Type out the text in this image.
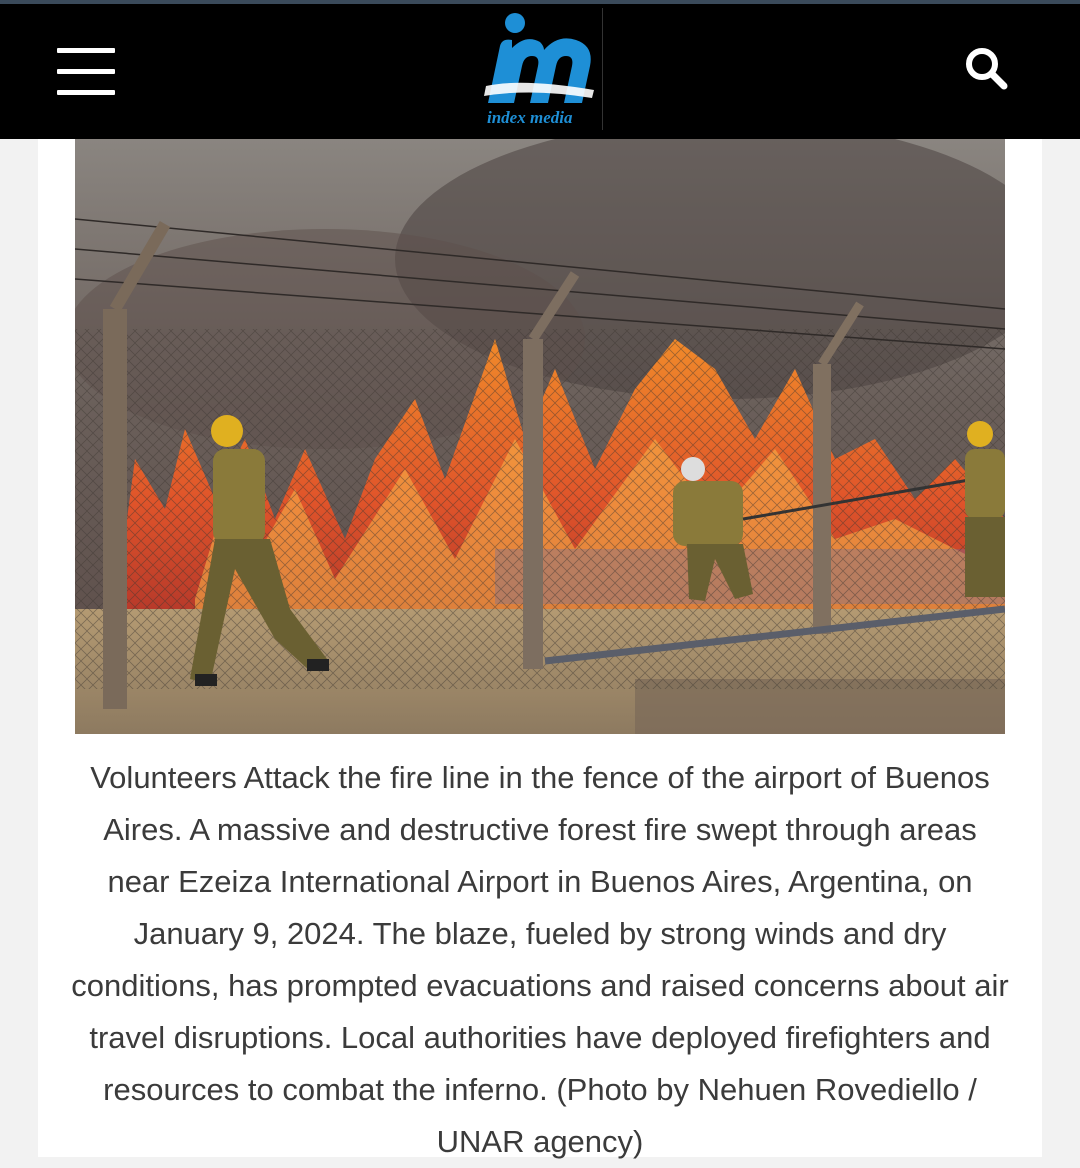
index media

Volunteers Attack the fire line in the fence of the airport of Buenos Aires. A massive and destructive forest fire swept through areas near Ezeiza International Airport in Buenos Aires, Argentina, on January 9, 2024. The blaze, fueled by strong winds and dry conditions, has prompted evacuations and raised concerns about air travel disruptions. Local authorities have deployed firefighters and resources to combat the inferno. (Photo by Nehuen Rovediello / UNAR agency)
